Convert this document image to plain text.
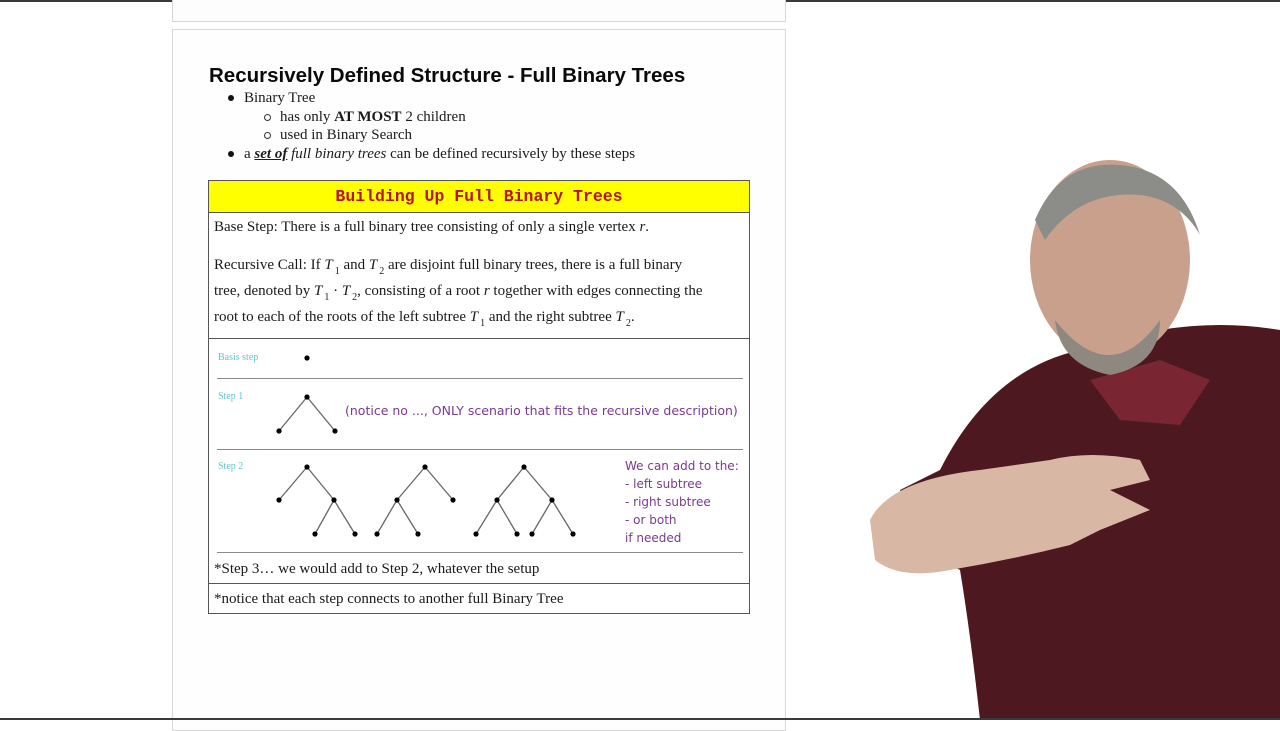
Recursively Defined Structure - Full Binary Trees
Binary Tree
has only AT MOST 2 children
used in Binary Search
a set of full binary trees can be defined recursively by these steps
Building Up Full Binary Trees
Base Step: There is a full binary tree consisting of only a single vertex r.
Recursive Call: If T $_1$ and T $_2$ are disjoint full binary trees, there is a full binary
tree, denoted by T $_1$ · T $_2$, consisting of a root r together with edges connecting the
root to each of the roots of the left subtree T $_1$ and the right subtree T $_2$.
Basis step
Step 1
(notice no ..., ONLY scenario that fits the recursive description)
Step 2	We can add to the:
- left subtree
- right subtree
- or both
if needed
*Step 3… we would add to Step 2, whatever the setup
*notice that each step connects to another full Binary Tree
